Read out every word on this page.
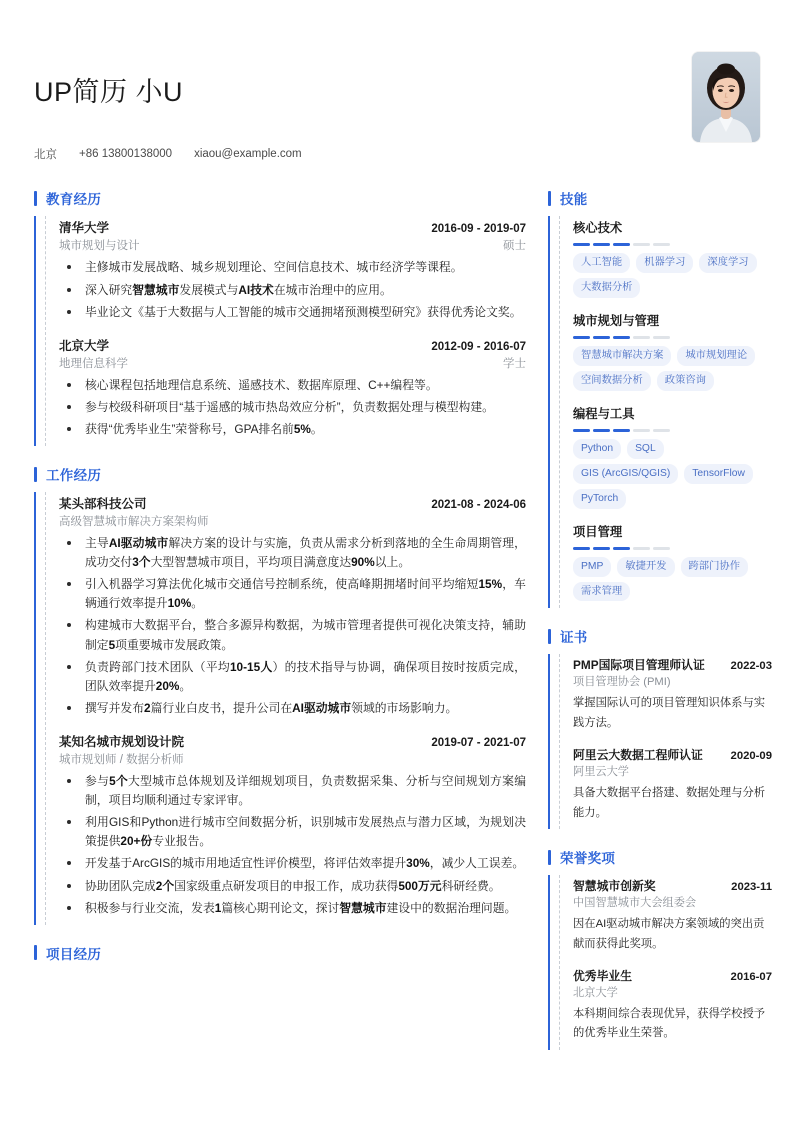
UP简历 小U
北京 +86 13800138000 xiaou@example.com
教育经历
清华大学	2016-09 - 2019-07
城市规划与设计	硕士
主修城市发展战略、城乡规划理论、空间信息技术、城市经济学等课程。
深入研究智慧城市发展模式与AI技术在城市治理中的应用。
毕业论文《基于大数据与人工智能的城市交通拥堵预测模型研究》获得优秀论文奖。
北京大学	2012-09 - 2016-07
地理信息科学	学士
核心课程包括地理信息系统、遥感技术、数据库原理、C++编程等。
参与校级科研项目“基于遥感的城市热岛效应分析”，负责数据处理与模型构建。
获得“优秀毕业生”荣誉称号，GPA排名前5%。
工作经历
某头部科技公司	2021-08 - 2024-06
高级智慧城市解决方案架构师
主导AI驱动城市解决方案的设计与实施，负责从需求分析到落地的全生命周期管理，成功交付3个大型智慧城市项目，平均项目满意度达90%以上。
引入机器学习算法优化城市交通信号控制系统，使高峰期拥堵时间平均缩短15%，车辆通行效率提升10%。
构建城市大数据平台，整合多源异构数据，为城市管理者提供可视化决策支持，辅助制定5项重要城市发展政策。
负责跨部门技术团队（平均10-15人）的技术指导与协调，确保项目按时按质完成，团队效率提升20%。
撰写并发布2篇行业白皮书，提升公司在AI驱动城市领域的市场影响力。
某知名城市规划设计院	2019-07 - 2021-07
城市规划师 / 数据分析师
参与5个大型城市总体规划及详细规划项目，负责数据采集、分析与空间规划方案编制，项目均顺利通过专家评审。
利用GIS和Python进行城市空间数据分析，识别城市发展热点与潜力区域，为规划决策提供20+份专业报告。
开发基于ArcGIS的城市用地适宜性评价模型，将评估效率提升30%，减少人工误差。
协助团队完成2个国家级重点研发项目的申报工作，成功获得500万元科研经费。
积极参与行业交流，发表1篇核心期刊论文，探讨智慧城市建设中的数据治理问题。
项目经历
技能
核心技术
人工智能	机器学习	深度学习
大数据分析
城市规划与管理
智慧城市解决方案	城市规划理论
空间数据分析	政策咨询
编程与工具
Python	SQL
GIS (ArcGIS/QGIS)	TensorFlow
PyTorch
项目管理
PMP	敏捷开发	跨部门协作
需求管理
证书
PMP国际项目管理师认证 2022-03
项目管理协会 (PMI)
掌握国际认可的项目管理知识体系与实践方法。
阿里云大数据工程师认证 2020-09
阿里云大学
具备大数据平台搭建、数据处理与分析能力。
荣誉奖项
智慧城市创新奖	2023-11
中国智慧城市大会组委会
因在AI驱动城市解决方案领域的突出贡献而获得此奖项。
优秀毕业生	2016-07
北京大学
本科期间综合表现优异，获得学校授予的优秀毕业生荣誉。
